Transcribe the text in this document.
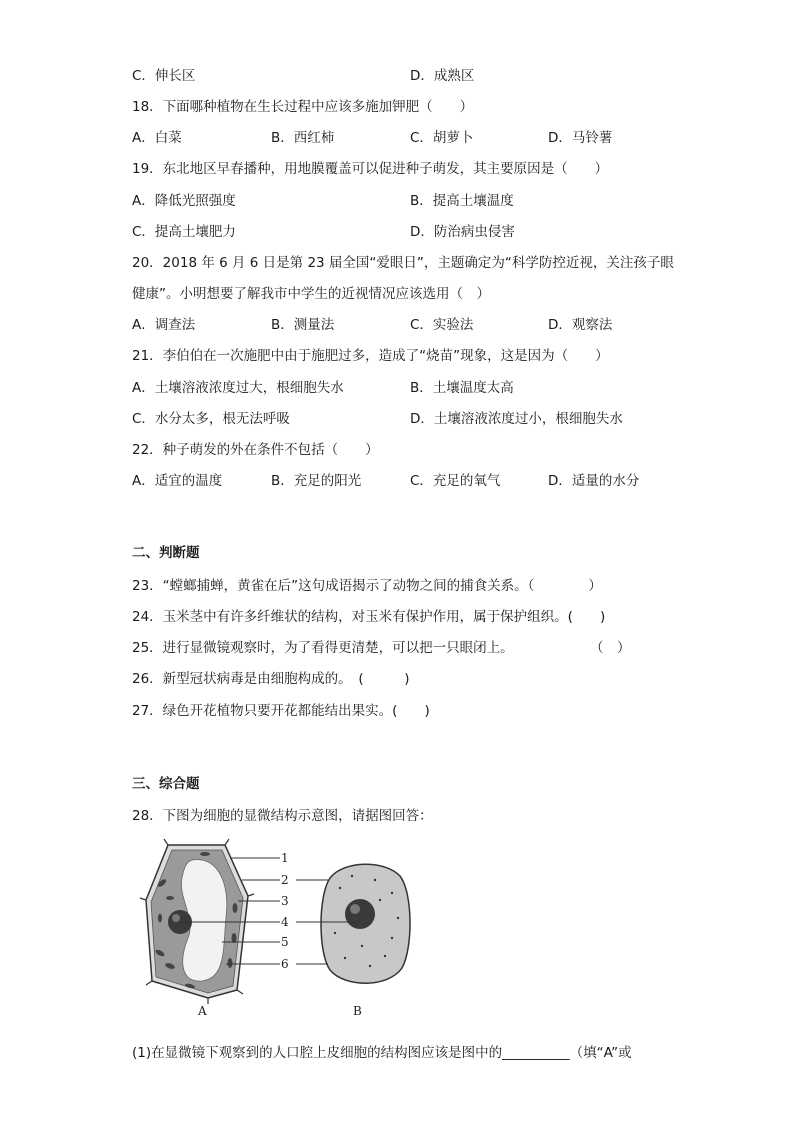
C．伸长区	D．成熟区
18．下面哪种植物在生长过程中应该多施加钾肥（　　）
A．白菜	B．西红柿	C．胡萝卜	D．马铃薯
19．东北地区早春播种，用地膜覆盖可以促进种子萌发，其主要原因是（　　）
A．降低光照强度	B．提高土壤温度
C．提高土壤肥力	D．防治病虫侵害
20．2018 年 6 月 6 日是第 23 届全国“爱眼日”，主题确定为“科学防控近视，关注孩子眼
健康”。小明想要了解我市中学生的近视情况应该选用（　）
A．调查法	B．测量法	C．实验法	D．观察法
21．李伯伯在一次施肥中由于施肥过多，造成了“烧苗”现象，这是因为（　　）
A．土壤溶液浓度过大，根细胞失水	B．土壤温度太高
C．水分太多，根无法呼吸	D．土壤溶液浓度过小，根细胞失水
22．种子萌发的外在条件不包括（　　）
A．适宜的温度	B．充足的阳光	C．充足的氧气	D．适量的水分
二、判断题
23．“螳螂捕蝉，黄雀在后”这句成语揭示了动物之间的捕食关系。（　　　　）
24．玉米茎中有许多纤维状的结构，对玉米有保护作用，属于保护组织。(　　)
25．进行显微镜观察时，为了看得更清楚，可以把一只眼闭上。	（　）
26．新型冠状病毒是由细胞构成的。　(　　　)
27．绿色开花植物只要开花都能结出果实。(　　)
三、综合题
28．下图为细胞的显微结构示意图，请据图回答：
1
2
3
4
5
6
A	B
(1)在显微镜下观察到的人口腔上皮细胞的结构图应该是图中的__________（填“A”或
